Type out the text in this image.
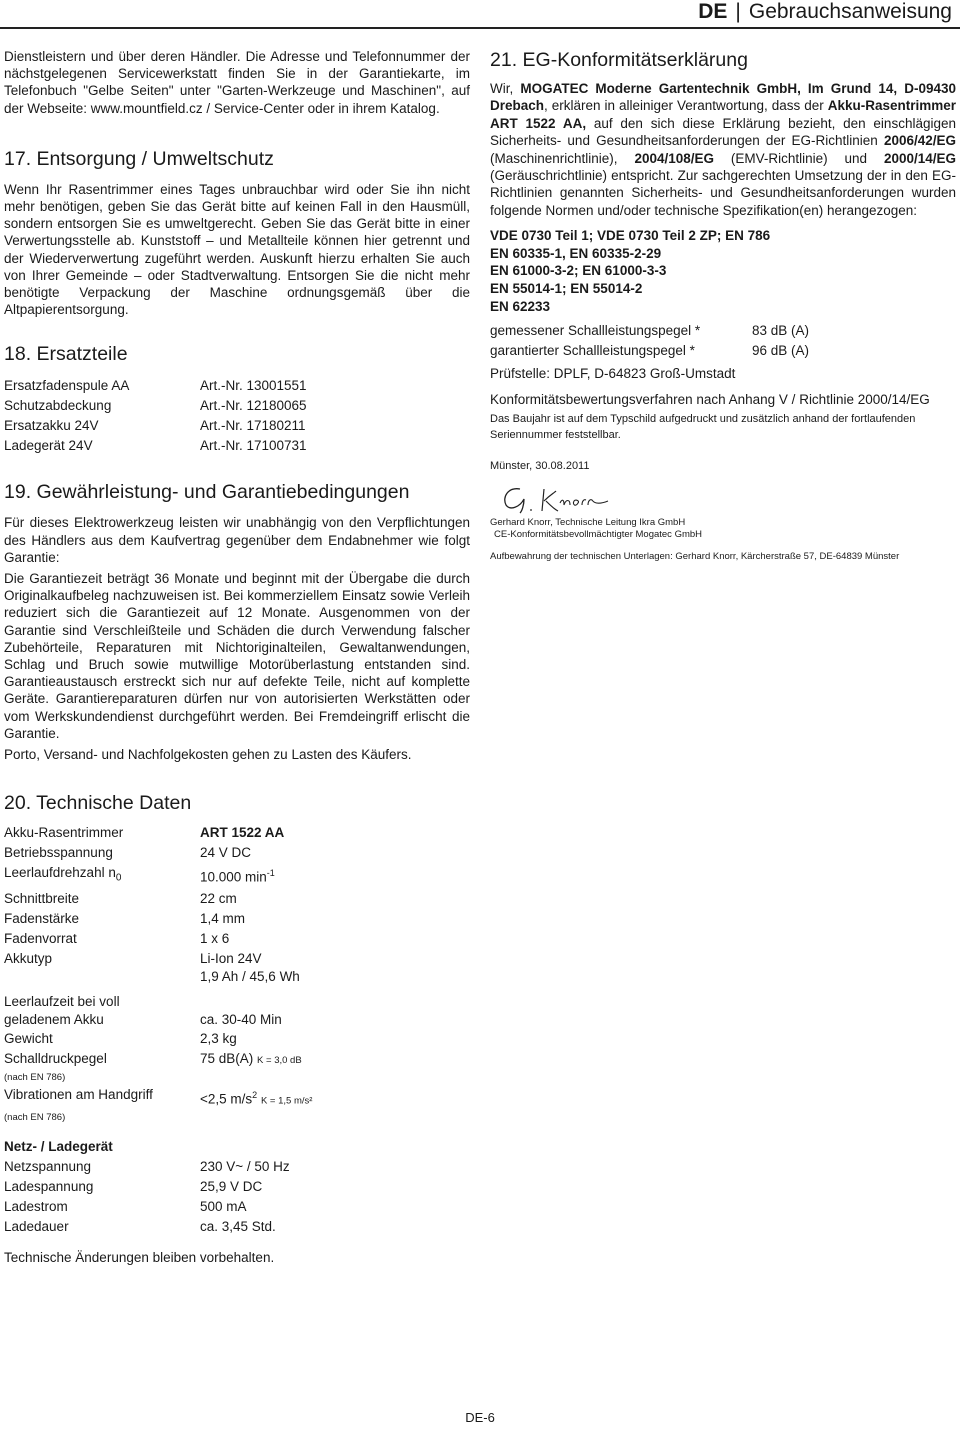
DE | Gebrauchsanweisung

Dienstleistern und über deren Händler. Die Adresse und Telefonnummer der nächstgelegenen Servicewerkstatt finden Sie in der Garantiekarte, im Telefonbuch "Gelbe Seiten" unter "Garten-Werkzeuge und Maschinen", auf der Webseite: www.mountfield.cz / Service-Center oder in ihrem Katalog.

17. Entsorgung / Umweltschutz

Wenn Ihr Rasentrimmer eines Tages unbrauchbar wird oder Sie ihn nicht mehr benötigen, geben Sie das Gerät bitte auf keinen Fall in den Hausmüll, sondern entsorgen Sie es umweltgerecht. Geben Sie das Gerät bitte in einer Verwertungsstelle ab. Kunststoff – und Metallteile können hier getrennt und der Wiederverwertung zugeführt werden. Auskunft hierzu erhalten Sie auch von Ihrer Gemeinde – oder Stadtverwaltung. Entsorgen Sie die nicht mehr benötigte Verpackung der Maschine ordnungsgemäß über die Altpapierentsorgung.

18. Ersatzteile
Ersatzfadenspule AA	Art.-Nr. 13001551
Schutzabdeckung	Art.-Nr. 12180065
Ersatzakku 24V	Art.-Nr. 17180211
Ladegerät 24V	Art.-Nr. 17100731
19. Gewährleistung- und Garantiebedingungen

Für dieses Elektrowerkzeug leisten wir unabhängig von den Verpflichtungen des Händlers aus dem Kaufvertrag gegenüber dem Endabnehmer wie folgt Garantie:

Die Garantiezeit beträgt 36 Monate und beginnt mit der Übergabe die durch Originalkaufbeleg nachzuweisen ist. Bei kommerziellem Einsatz sowie Verleih reduziert sich die Garantiezeit auf 12 Monate. Ausgenommen von der Garantie sind Verschleißteile und Schäden die durch Verwendung falscher Zubehörteile, Reparaturen mit Nichtoriginalteilen, Gewaltanwendungen, Schlag und Bruch sowie mutwillige Motorüberlastung entstanden sind. Garantieaustausch erstreckt sich nur auf defekte Teile, nicht auf komplette Geräte. Garantiereparaturen dürfen nur von autorisierten Werkstätten oder vom Werkskundendienst durchgeführt werden. Bei Fremdeingriff erlischt die Garantie.

Porto, Versand- und Nachfolgekosten gehen zu Lasten des Käufers.

20. Technische Daten
Akku-Rasentrimmer	ART 1522 AA
Betriebsspannung	24 V DC
Leerlaufdrehzahl $n_0$	10.000 $\min^{-1}$
Schnittbreite	22 cm
Fadenstärke	1,4 mm
Fadenvorrat	1 x 6
Akkutyp	Li-Ion 24V
1,9 Ah / 45,6 Wh
Leerlaufzeit bei voll
geladenem Akku	ca. 30-40 Min
Gewicht	2,3 kg
Schalldruckpegel	75 dB(A) K = 3,0 dB
(nach EN 786)
Vibrationen am Handgriff	<2,5 $m/s^2$ K = 1,5 m/s²
(nach EN 786)
Netz- / Ladegerät
Netzspannung	230 V~ / 50 Hz
Ladespannung	25,9 V DC
Ladestrom	500 mA
Ladedauer	ca. 3,45 Std.

Technische Änderungen bleiben vorbehalten.

21. EG-Konformitätserklärung

Wir, MOGATEC Moderne Gartentechnik GmbH, Im Grund 14, D-09430 Drebach, erklären in alleiniger Verantwortung, dass der Akku-Rasentrimmer ART 1522 AA, auf den sich diese Erklärung bezieht, den einschlägigen Sicherheits- und Gesundheitsanforderungen der EG-Richtlinien 2006/42/EG (Maschinenrichtlinie), 2004/108/EG (EMV-Richtlinie) und 2000/14/EG (Geräuschrichtlinie) entspricht. Zur sachgerechten Umsetzung der in den EG-Richtlinien genannten Sicherheits- und Gesundheitsanforderungen wurden folgende Normen und/oder technische Spezifikation(en) herangezogen:

VDE 0730 Teil 1; VDE 0730 Teil 2 ZP; EN 786

EN 60335-1, EN 60335-2-29

EN 61000-3-2; EN 61000-3-3

EN 55014-1; EN 55014-2

EN 62233

gemessener Schallleistungspegel *	83 dB (A)
garantierter Schallleistungspegel *	96 dB (A)

Prüfstelle: DPLF, D-64823 Groß-Umstadt

Konformitätsbewertungsverfahren nach Anhang V / Richtlinie 2000/14/EG

Das Baujahr ist auf dem Typschild aufgedruckt und zusätzlich anhand der fortlaufenden Seriennummer feststellbar.

Münster, 30.08.2011

Gerhard Knorr, Technische Leitung Ikra GmbH

CE-Konformitätsbevollmächtigter Mogatec GmbH

Aufbewahrung der technischen Unterlagen: Gerhard Knorr, Kärcherstraße 57, DE-64839 Münster

DE-6
